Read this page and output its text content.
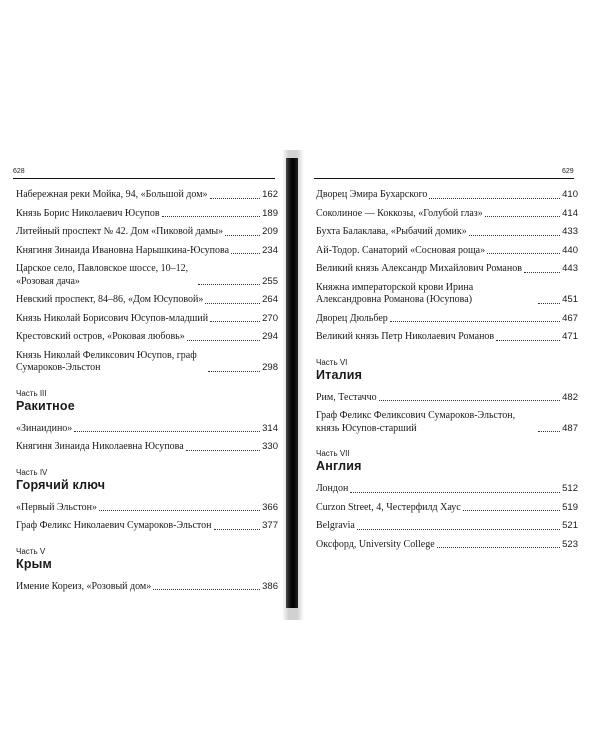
628
Набережная реки Мойка, 94, «Большой дом»	162
Князь Борис Николаевич Юсупов	189
Литейный проспект № 42. Дом «Пиковой дамы»	209
Княгиня Зинаида Ивановна Нарышкина-Юсупова	234
Царское село, Павловское шоссе, 10–12, «Розовая дача»	255
Невский проспект, 84–86, «Дом Юсуповой»	264
Князь Николай Борисович Юсупов-младший	270
Крестовский остров, «Роковая любовь»	294
Князь Николай Феликсович Юсупов, граф Сумароков-Эльстон	298
Часть III
Ракитное
«Зинаидино»	314
Княгиня Зинаида Николаевна Юсупова	330
Часть IV
Горячий ключ
«Первый Эльстон»	366
Граф Феликс Николаевич Сумароков-Эльстон	377
Часть V
Крым
Имение Кореиз, «Розовый дом»	386
629
Дворец Эмира Бухарского	410
Соколиное — Коккозы, «Голубой глаз»	414
Бухта Балаклава, «Рыбачий домик»	433
Ай-Тодор. Санаторий «Сосновая роща»	440
Великий князь Александр Михайлович Романов	443
Княжна императорской крови Ирина Александровна Романова (Юсупова)	451
Дворец Дюльбер	467
Великий князь Петр Николаевич Романов	471
Часть VI
Италия
Рим, Тестаччо	482
Граф Феликс Феликсович Сумароков-Эльстон, князь Юсупов-старший	487
Часть VII
Англия
Лондон	512
Curzon Street, 4, Честерфилд Хаус	519
Belgravia	521
Оксфорд, University College	523
